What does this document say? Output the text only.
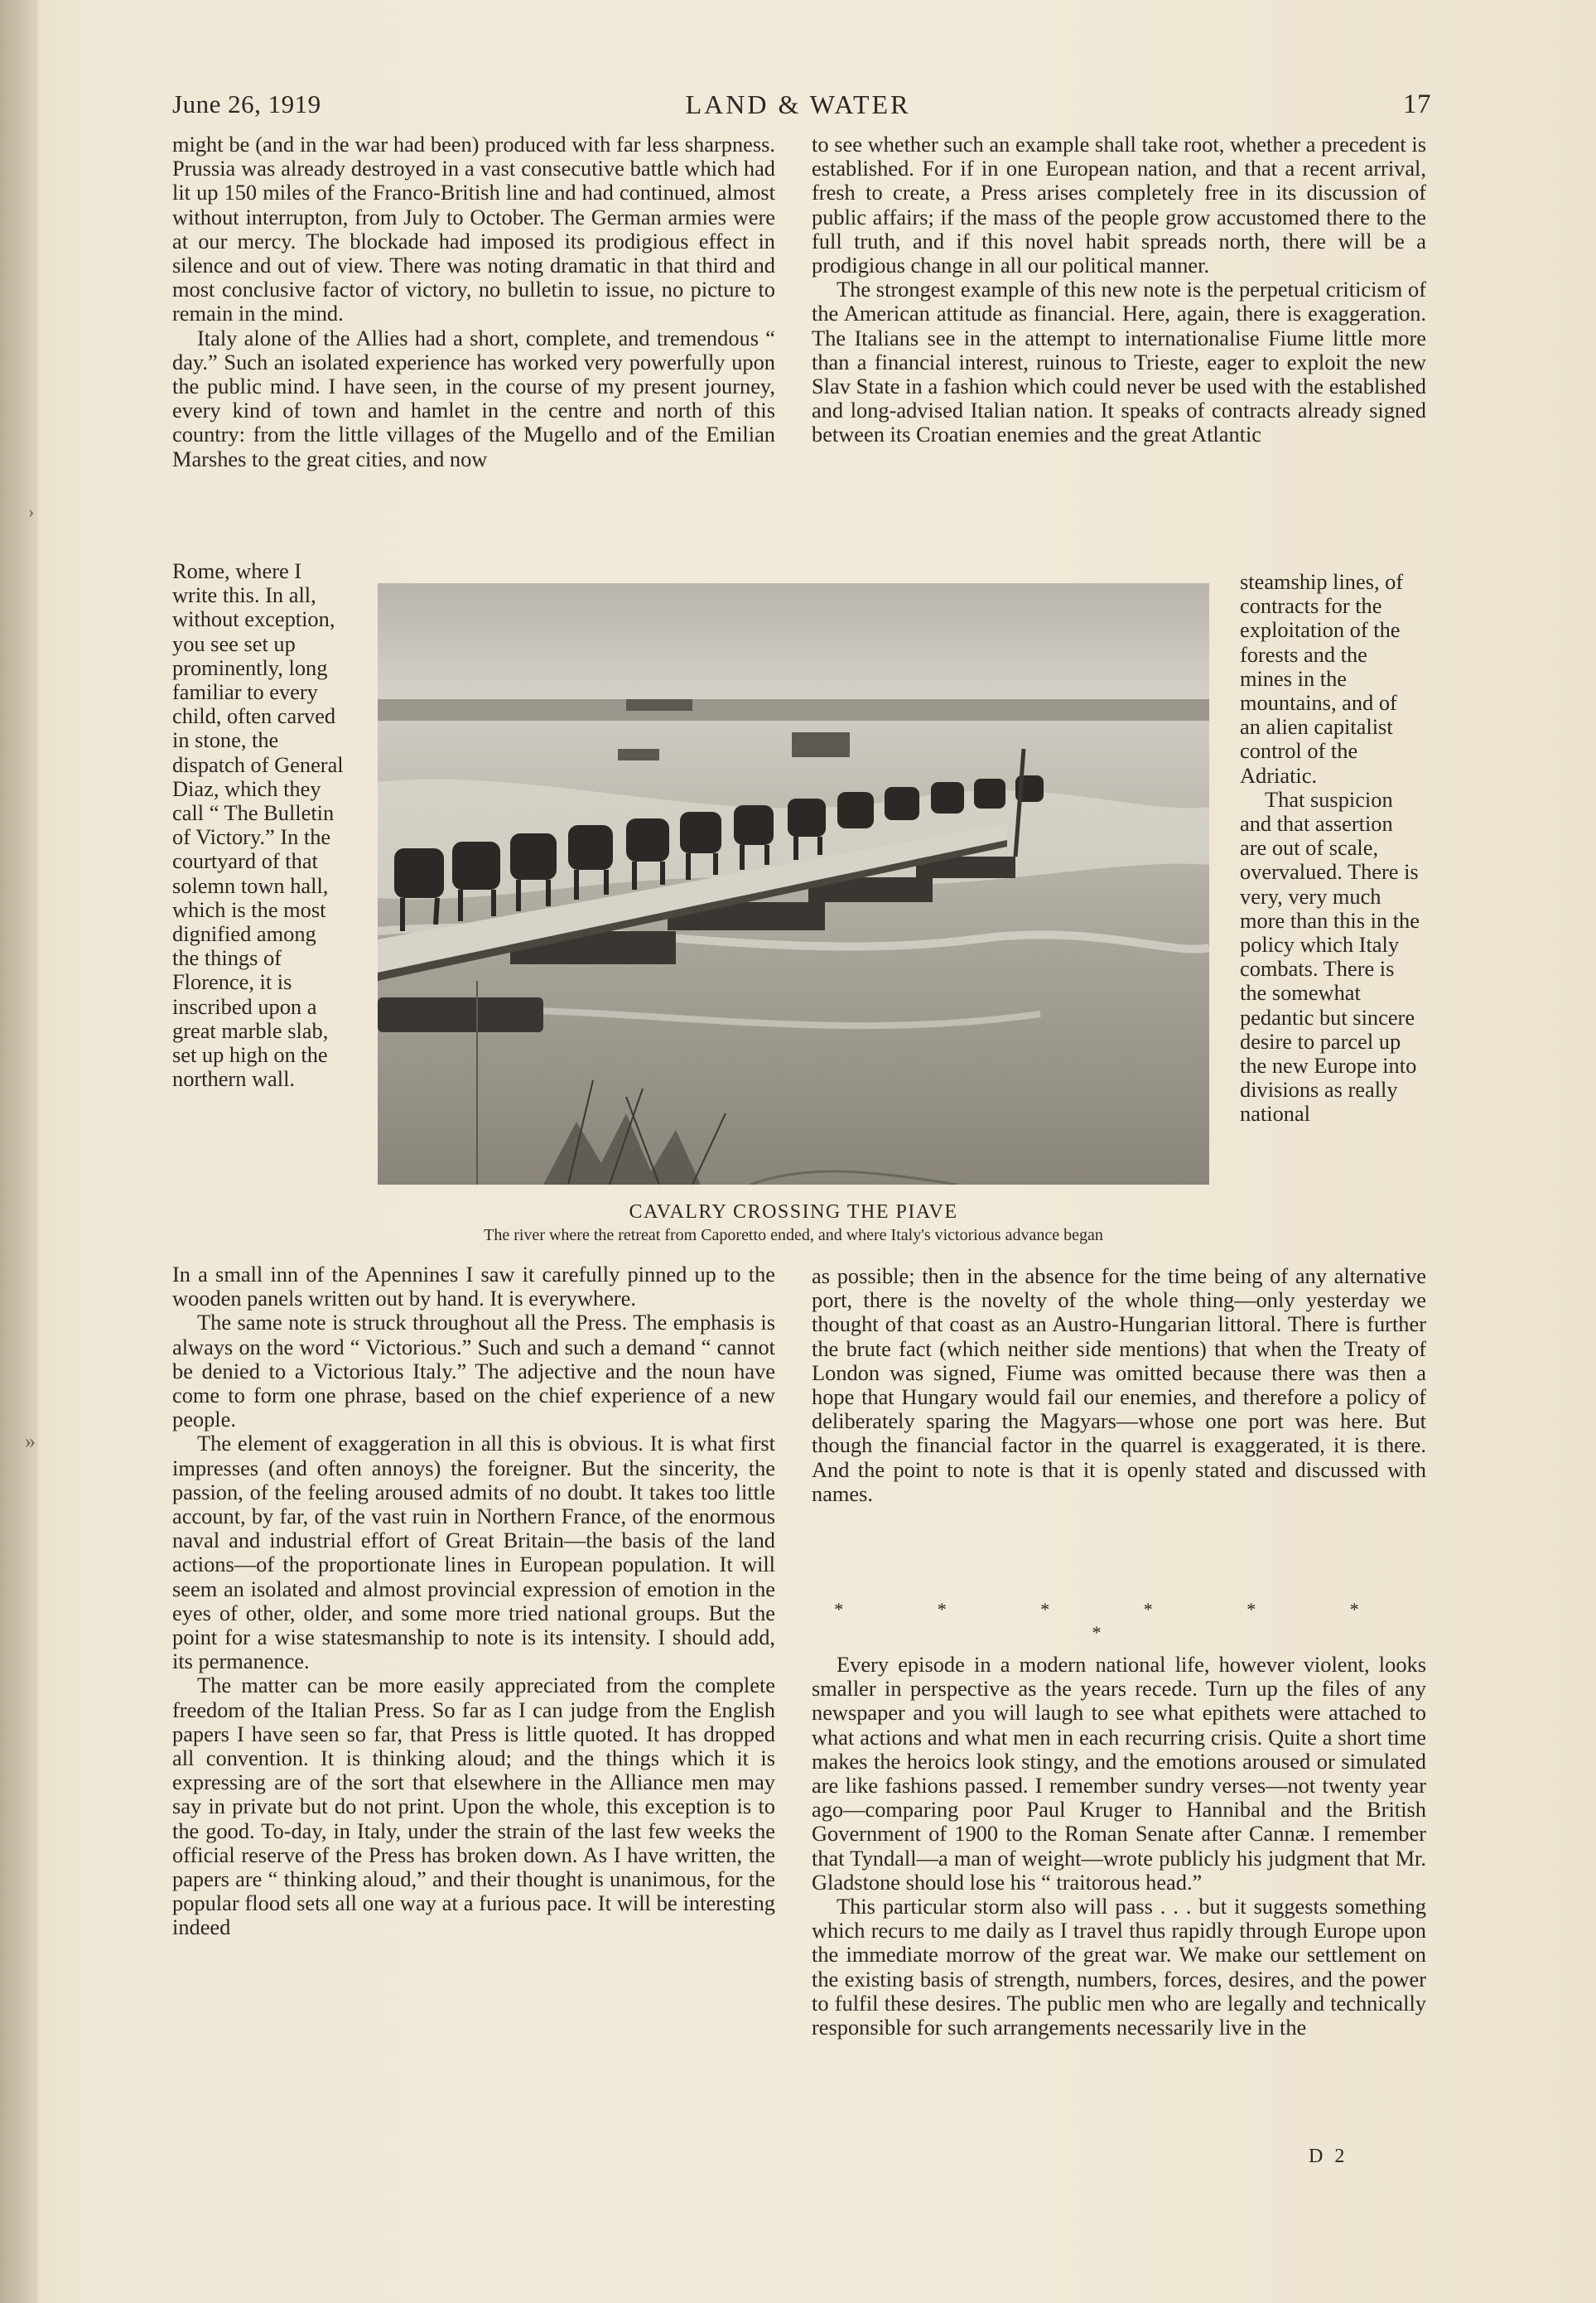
›
»
June 26, 1919	LAND & WATER	17

might be (and in the war had been) produced with far less sharpness. Prussia was already destroyed in a vast consecutive battle which had lit up 150 miles of the Franco-British line and had continued, almost without interrupton, from July to October. The German armies were at our mercy. The blockade had imposed its prodigious effect in silence and out of view. There was noting dramatic in that third and most conclusive factor of victory, no bulletin to issue, no picture to remain in the mind.

Italy alone of the Allies had a short, complete, and tremendous “ day.” Such an isolated experience has worked very powerfully upon the public mind. I have seen, in the course of my present journey, every kind of town and hamlet in the centre and north of this country: from the little villages of the Mugello and of the Emilian Marshes to the great cities, and now

Rome, where I write this. In all, without exception, you see set up prominently, long familiar to every child, often carved in stone, the dispatch of General Diaz, which they call “ The Bulletin of Victory.” In the courtyard of that solemn town hall, which is the most dignified among the things of Florence, it is inscribed upon a great marble slab, set up high on the northern wall.

CAVALRY CROSSING THE PIAVE
The river where the retreat from Caporetto ended, and where Italy's victorious advance began

In a small inn of the Apennines I saw it carefully pinned up to the wooden panels written out by hand. It is everywhere.

The same note is struck throughout all the Press. The emphasis is always on the word “ Victorious.” Such and such a demand “ cannot be denied to a Victorious Italy.” The adjective and the noun have come to form one phrase, based on the chief experience of a new people.

The element of exaggeration in all this is obvious. It is what first impresses (and often annoys) the foreigner. But the sincerity, the passion, of the feeling aroused admits of no doubt. It takes too little account, by far, of the vast ruin in Northern France, of the enormous naval and industrial effort of Great Britain—the basis of the land actions—of the proportionate lines in European population. It will seem an isolated and almost provincial expression of emotion in the eyes of other, older, and some more tried national groups. But the point for a wise statesmanship to note is its intensity. I should add, its permanence.

The matter can be more easily appreciated from the complete freedom of the Italian Press. So far as I can judge from the English papers I have seen so far, that Press is little quoted. It has dropped all convention. It is thinking aloud; and the things which it is expressing are of the sort that elsewhere in the Alliance men may say in private but do not print. Upon the whole, this exception is to the good. To-day, in Italy, under the strain of the last few weeks the official reserve of the Press has broken down. As I have written, the papers are “ thinking aloud,” and their thought is unanimous, for the popular flood sets all one way at a furious pace. It will be interesting indeed

to see whether such an example shall take root, whether a precedent is established. For if in one European nation, and that a recent arrival, fresh to create, a Press arises completely free in its discussion of public affairs; if the mass of the people grow accustomed there to the full truth, and if this novel habit spreads north, there will be a prodigious change in all our political manner.

The strongest example of this new note is the perpetual criticism of the American attitude as financial. Here, again, there is exaggeration. The Italians see in the attempt to internationalise Fiume little more than a financial interest, ruinous to Trieste, eager to exploit the new Slav State in a fashion which could never be used with the established and long-advised Italian nation. It speaks of contracts already signed between its Croatian enemies and the great Atlantic

steamship lines, of contracts for the exploitation of the forests and the mines in the mountains, and of an alien capitalist control of the Adriatic.

That suspicion and that assertion are out of scale, overvalued. There is very, very much more than this in the policy which Italy combats. There is the somewhat pedantic but sincere desire to parcel up the new Europe into divisions as really national

as possible; then in the absence for the time being of any alternative port, there is the novelty of the whole thing—only yesterday we thought of that coast as an Austro-Hungarian littoral. There is further the brute fact (which neither side mentions) that when the Treaty of London was signed, Fiume was omitted because there was then a hope that Hungary would fail our enemies, and therefore a policy of deliberately sparing the Magyars—whose one port was here. But though the financial factor in the quarrel is exaggerated, it is there. And the point to note is that it is openly stated and discussed with names.

* * * * * * *

Every episode in a modern national life, however violent, looks smaller in perspective as the years recede. Turn up the files of any newspaper and you will laugh to see what epithets were attached to what actions and what men in each recurring crisis. Quite a short time makes the heroics look stingy, and the emotions aroused or simulated are like fashions passed. I remember sundry verses—not twenty year ago—comparing poor Paul Kruger to Hannibal and the British Government of 1900 to the Roman Senate after Cannæ. I remember that Tyndall—a man of weight—wrote publicly his judgment that Mr. Gladstone should lose his “ traitorous head.”

This particular storm also will pass . . . but it suggests something which recurs to me daily as I travel thus rapidly through Europe upon the immediate morrow of the great war. We make our settlement on the existing basis of strength, numbers, forces, desires, and the power to fulfil these desires. The public men who are legally and technically responsible for such arrangements necessarily live in the

D 2
